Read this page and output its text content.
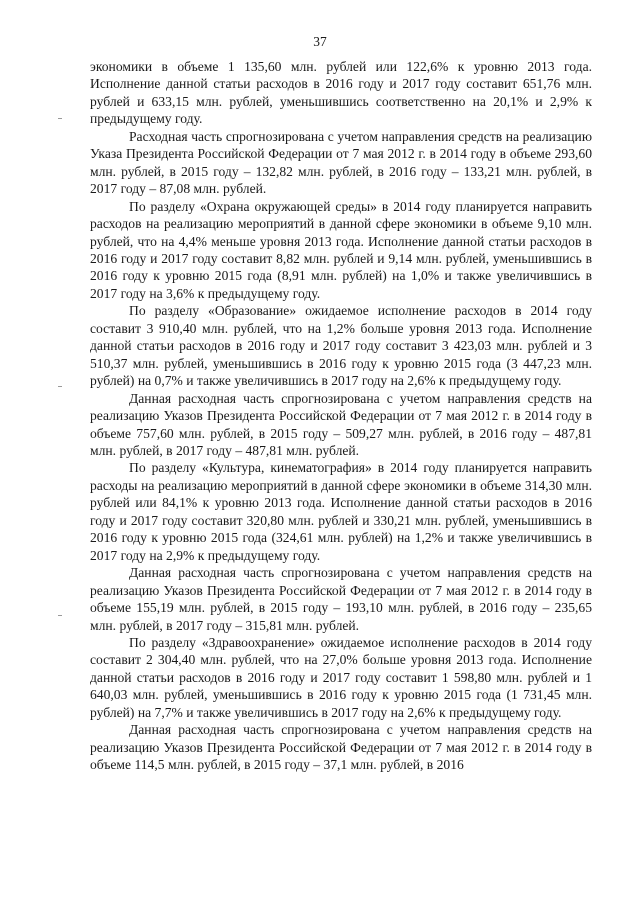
37

экономики в объеме 1 135,60 млн. рублей или 122,6% к уровню 2013 года. Исполнение данной статьи расходов в 2016 году и 2017 году составит 651,76 млн. рублей и 633,15 млн. рублей, уменьшившись соответственно на 20,1% и 2,9% к предыдущему году.

Расходная часть спрогнозирована с учетом направления средств на реализацию Указа Президента Российской Федерации от 7 мая 2012 г. в 2014 году в объеме 293,60 млн. рублей, в 2015 году – 132,82 млн. рублей, в 2016 году – 133,21 млн. рублей, в 2017 году – 87,08 млн. рублей.

По разделу «Охрана окружающей среды» в 2014 году планируется направить расходов на реализацию мероприятий в данной сфере экономики в объеме 9,10 млн. рублей, что на 4,4% меньше уровня 2013 года. Исполнение данной статьи расходов в 2016 году и 2017 году составит 8,82 млн. рублей и 9,14 млн. рублей, уменьшившись в 2016 году к уровню 2015 года (8,91 млн. рублей) на 1,0% и также увеличившись в 2017 году на 3,6% к предыдущему году.

По разделу «Образование» ожидаемое исполнение расходов в 2014 году составит 3 910,40 млн. рублей, что на 1,2% больше уровня 2013 года. Исполнение данной статьи расходов в 2016 году и 2017 году составит 3 423,03 млн. рублей и 3 510,37 млн. рублей, уменьшившись в 2016 году к уровню 2015 года (3 447,23 млн. рублей) на 0,7% и также увеличившись в 2017 году на 2,6% к предыдущему году.

Данная расходная часть спрогнозирована с учетом направления средств на реализацию Указов Президента Российской Федерации от 7 мая 2012 г. в 2014 году в объеме 757,60 млн. рублей, в 2015 году – 509,27 млн. рублей, в 2016 году – 487,81 млн. рублей, в 2017 году – 487,81 млн. рублей.

По разделу «Культура, кинематография» в 2014 году планируется направить расходы на реализацию мероприятий в данной сфере экономики в объеме 314,30 млн. рублей или 84,1% к уровню 2013 года. Исполнение данной статьи расходов в 2016 году и 2017 году составит 320,80 млн. рублей и 330,21 млн. рублей, уменьшившись в 2016 году к уровню 2015 года (324,61 млн. рублей) на 1,2% и также увеличившись в 2017 году на 2,9% к предыдущему году.

Данная расходная часть спрогнозирована с учетом направления средств на реализацию Указов Президента Российской Федерации от 7 мая 2012 г. в 2014 году в объеме 155,19 млн. рублей, в 2015 году – 193,10 млн. рублей, в 2016 году – 235,65 млн. рублей, в 2017 году – 315,81 млн. рублей.

По разделу «Здравоохранение» ожидаемое исполнение расходов в 2014 году составит 2 304,40 млн. рублей, что на 27,0% больше уровня 2013 года. Исполнение данной статьи расходов в 2016 году и 2017 году составит 1 598,80 млн. рублей и 1 640,03 млн. рублей, уменьшившись в 2016 году к уровню 2015 года (1 731,45 млн. рублей) на 7,7% и также увеличившись в 2017 году на 2,6% к предыдущему году.

Данная расходная часть спрогнозирована с учетом направления средств на реализацию Указов Президента Российской Федерации от 7 мая 2012 г. в 2014 году в объеме 114,5 млн. рублей, в 2015 году – 37,1 млн. рублей, в 2016
